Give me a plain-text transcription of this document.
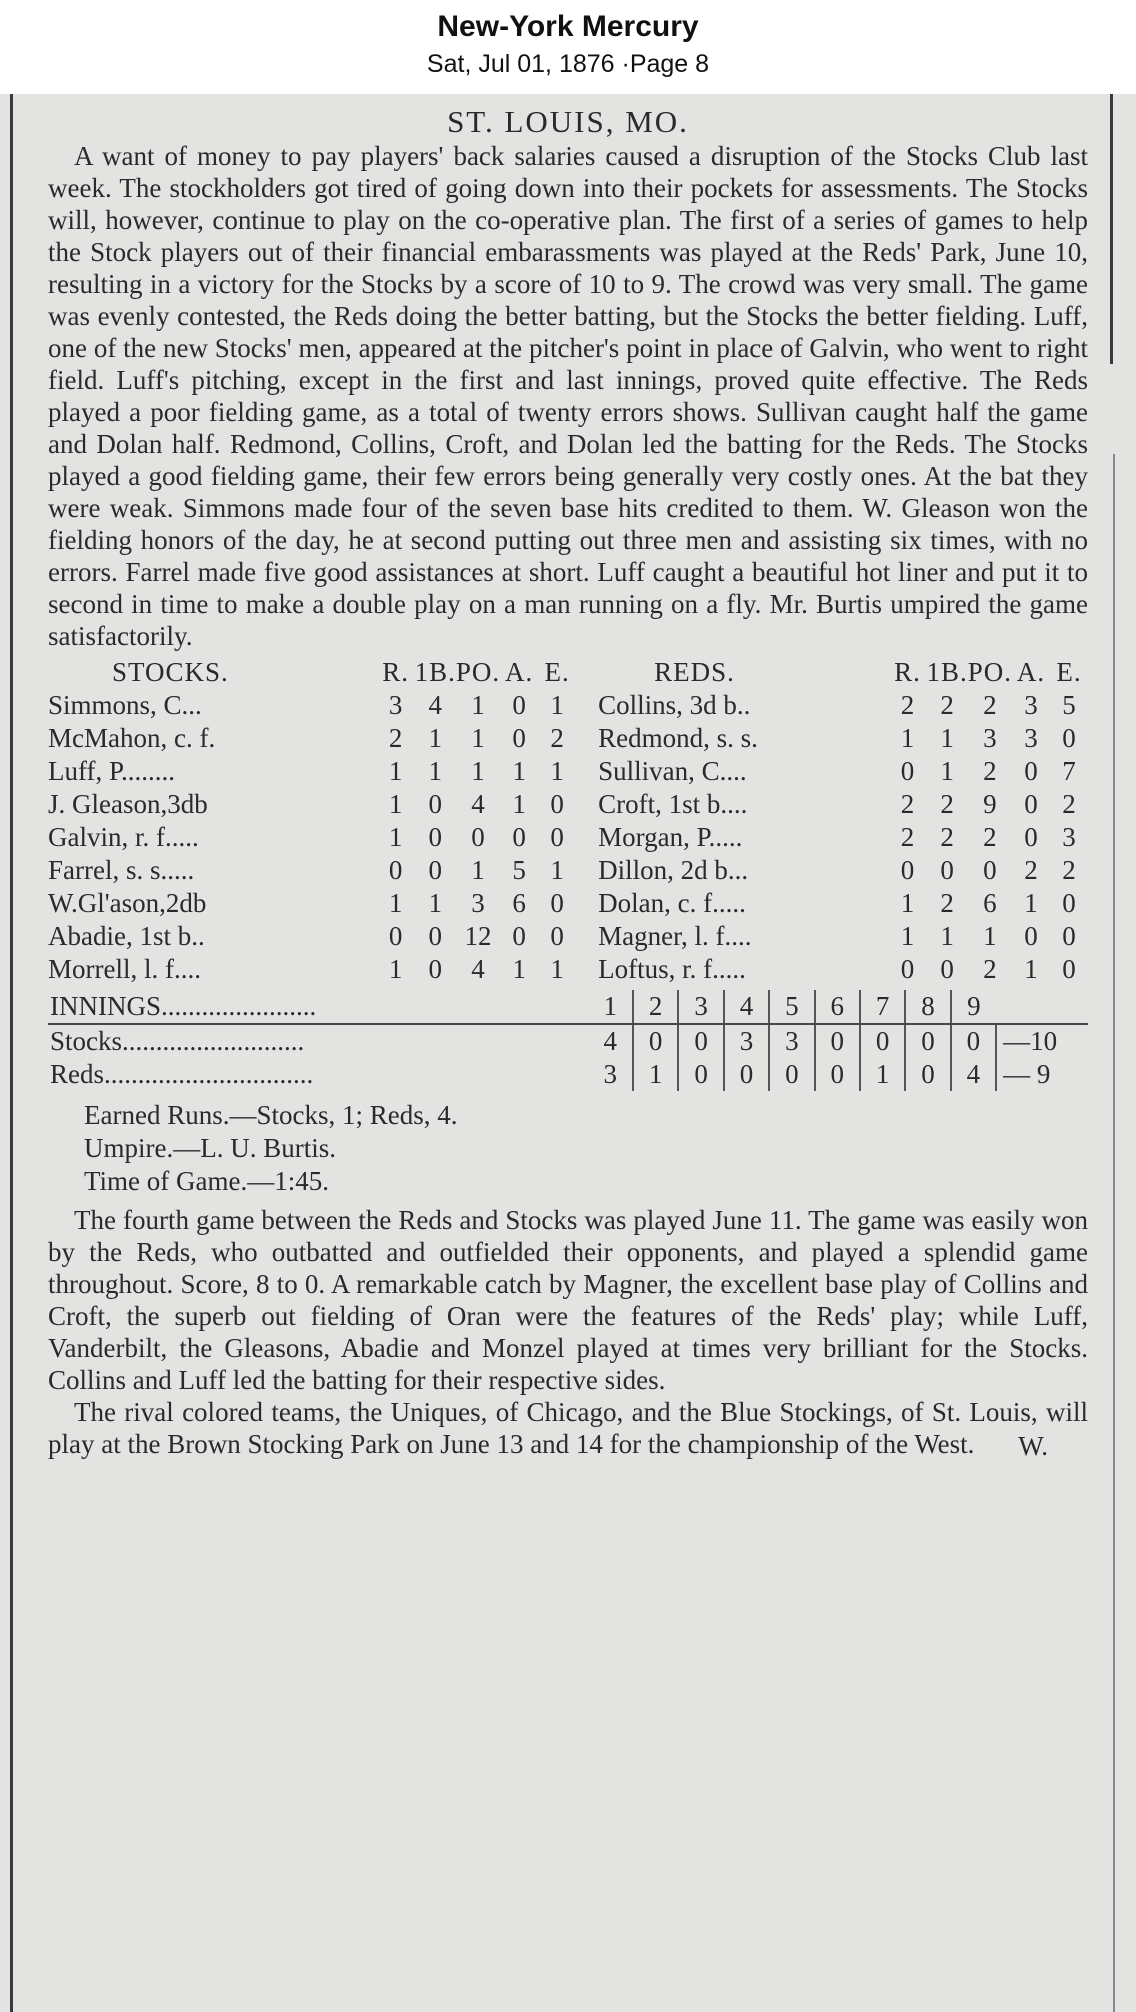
New-York Mercury
Sat, Jul 01, 1876 ·Page 8
ST. LOUIS, MO.

A want of money to pay players' back salaries caused a disruption of the Stocks Club last week. The stockholders got tired of going down into their pockets for assessments. The Stocks will, however, continue to play on the co-operative plan. The first of a series of games to help the Stock players out of their financial embarassments was played at the Reds' Park, June 10, resulting in a victory for the Stocks by a score of 10 to 9. The crowd was very small. The game was evenly contested, the Reds doing the better batting, but the Stocks the better fielding. Luff, one of the new Stocks' men, appeared at the pitcher's point in place of Galvin, who went to right field. Luff's pitching, except in the first and last innings, proved quite effective. The Reds played a poor fielding game, as a total of twenty errors shows. Sullivan caught half the game and Dolan half. Redmond, Collins, Croft, and Dolan led the batting for the Reds. The Stocks played a good fielding game, their few errors being generally very costly ones. At the bat they were weak. Simmons made four of the seven base hits credited to them. W. Gleason won the fielding honors of the day, he at second putting out three men and assisting six times, with no errors. Farrel made five good assistances at short. Luff caught a beautiful hot liner and put it to second in time to make a double play on a man running on a fly. Mr. Burtis umpired the game satisfactorily.

STOCKS.	R.	1B.	PO.	A.	E.		REDS.	R.	1B.	PO.	A.	E.
Simmons, C...	3	4	1	0	1		Collins, 3d b..	2	2	2	3	5
McMahon, c. f.	2	1	1	0	2		Redmond, s. s.	1	1	3	3	0
Luff, P........	1	1	1	1	1		Sullivan, C....	0	1	2	0	7
J. Gleason,3db	1	0	4	1	0		Croft, 1st b....	2	2	9	0	2
Galvin, r. f.....	1	0	0	0	0		Morgan, P.....	2	2	2	0	3
Farrel, s. s.....	0	0	1	5	1		Dillon, 2d b...	0	0	0	2	2
W.Gl'ason,2db	1	1	3	6	0		Dolan, c. f.....	1	2	6	1	0
Abadie, 1st b..	0	0	12	0	0		Magner, l. f....	1	1	1	0	0
Morrell, l. f....	1	0	4	1	1		Loftus, r. f.....	0	0	2	1	0
INNINGS.......................	1	2	3	4	5	6	7	8	9	
Stocks...........................	4	0	0	3	3	0	0	0	0	—10
Reds...............................	3	1	0	0	0	0	1	0	4	— 9
Earned Runs.—Stocks, 1; Reds, 4.
Umpire.—L. U. Burtis.
Time of Game.—1:45.

The fourth game between the Reds and Stocks was played June 11. The game was easily won by the Reds, who outbatted and outfielded their opponents, and played a splendid game throughout. Score, 8 to 0. A remarkable catch by Magner, the excellent base play of Collins and Croft, the superb out fielding of Oran were the features of the Reds' play; while Luff, Vanderbilt, the Gleasons, Abadie and Monzel played at times very brilliant for the Stocks. Collins and Luff led the batting for their respective sides.

The rival colored teams, the Uniques, of Chicago, and the Blue Stockings, of St. Louis, will play at the Brown Stocking Park on June 13 and 14 for the championship of the West.	W.
